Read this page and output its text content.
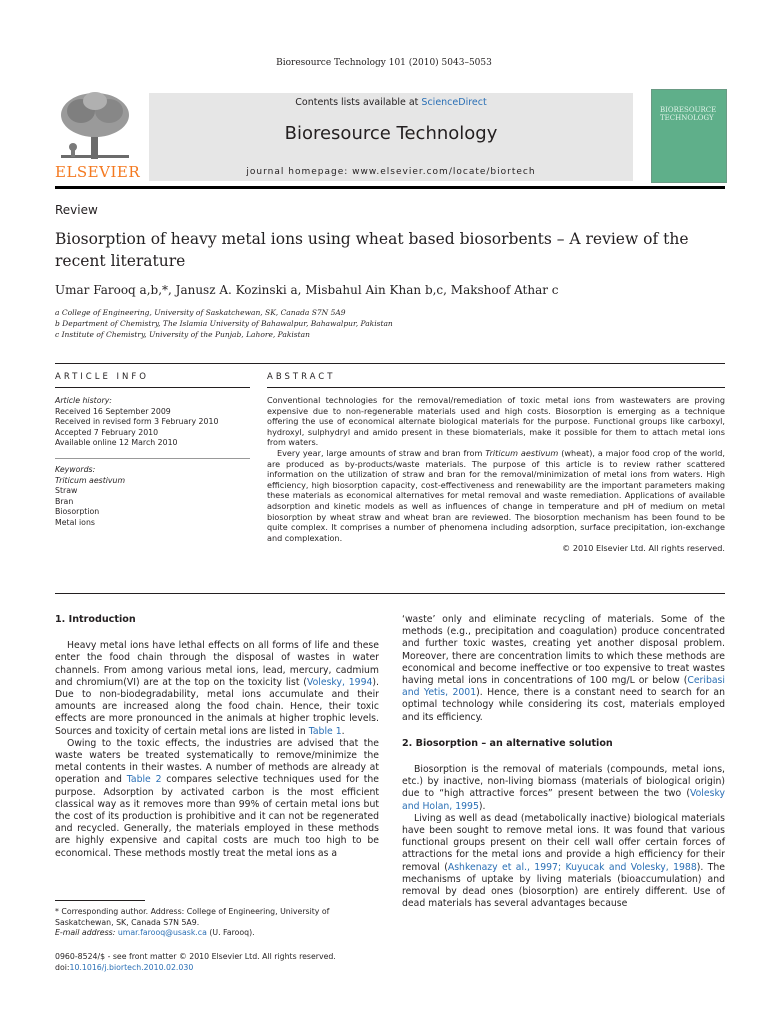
Bioresource Technology 101 (2010) 5043–5053
ELSEVIER
Contents lists available at ScienceDirect
Bioresource Technology
journal homepage: www.elsevier.com/locate/biortech
BIORESOURCE TECHNOLOGY
Review
Biosorption of heavy metal ions using wheat based biosorbents – A review of the recent literature
Umar Farooq a,b,*, Janusz A. Kozinski a, Misbahul Ain Khan b,c, Makshoof Athar c
a College of Engineering, University of Saskatchewan, SK, Canada S7N 5A9
b Department of Chemistry, The Islamia University of Bahawalpur, Bahawalpur, Pakistan
c Institute of Chemistry, University of the Punjab, Lahore, Pakistan
ARTICLE INFO	ABSTRACT
Article history:
Received 16 September 2009
Received in revised form 3 February 2010
Accepted 7 February 2010
Available online 12 March 2010
Keywords:
Triticum aestivum
Straw
Bran
Biosorption
Metal ions

Conventional technologies for the removal/remediation of toxic metal ions from wastewaters are proving expensive due to non-regenerable materials used and high costs. Biosorption is emerging as a technique offering the use of economical alternate biological materials for the purpose. Functional groups like carboxyl, hydroxyl, sulphydryl and amido present in these biomaterials, make it possible for them to attach metal ions from waters.

Every year, large amounts of straw and bran from Triticum aestivum (wheat), a major food crop of the world, are produced as by-products/waste materials. The purpose of this article is to review rather scattered information on the utilization of straw and bran for the removal/minimization of metal ions from waters. High efficiency, high biosorption capacity, cost-effectiveness and renewability are the important parameters making these materials as economical alternatives for metal removal and waste remediation. Applications of available adsorption and kinetic models as well as influences of change in temperature and pH of medium on metal biosorption by wheat straw and wheat bran are reviewed. The biosorption mechanism has been found to be quite complex. It comprises a number of phenomena including adsorption, surface precipitation, ion-exchange and complexation.

© 2010 Elsevier Ltd. All rights reserved.

1. Introduction

Heavy metal ions have lethal effects on all forms of life and these enter the food chain through the disposal of wastes in water channels. From among various metal ions, lead, mercury, cadmium and chromium(VI) are at the top on the toxicity list (Volesky, 1994). Due to non-biodegradability, metal ions accumulate and their amounts are increased along the food chain. Hence, their toxic effects are more pronounced in the animals at higher trophic levels. Sources and toxicity of certain metal ions are listed in Table 1.

Owing to the toxic effects, the industries are advised that the waste waters be treated systematically to remove/minimize the metal contents in their wastes. A number of methods are already at operation and Table 2 compares selective techniques used for the purpose. Adsorption by activated carbon is the most efficient classical way as it removes more than 99% of certain metal ions but the cost of its production is prohibitive and it can not be regenerated and recycled. Generally, the materials employed in these methods are highly expensive and capital costs are much too high to be economical. These methods mostly treat the metal ions as a

‘waste’ only and eliminate recycling of materials. Some of the methods (e.g., precipitation and coagulation) produce concentrated and further toxic wastes, creating yet another disposal problem. Moreover, there are concentration limits to which these methods are economical and become ineffective or too expensive to treat wastes having metal ions in concentrations of 100 mg/L or below (Ceribasi and Yetis, 2001). Hence, there is a constant need to search for an optimal technology while considering its cost, materials employed and its efficiency.

2. Biosorption – an alternative solution

Biosorption is the removal of materials (compounds, metal ions, etc.) by inactive, non-living biomass (materials of biological origin) due to “high attractive forces” present between the two (Volesky and Holan, 1995).

Living as well as dead (metabolically inactive) biological materials have been sought to remove metal ions. It was found that various functional groups present on their cell wall offer certain forces of attractions for the metal ions and provide a high efficiency for their removal (Ashkenazy et al., 1997; Kuyucak and Volesky, 1988). The mechanisms of uptake by living materials (bioaccumulation) and removal by dead ones (biosorption) are entirely different. Use of dead materials has several advantages because

* Corresponding author. Address: College of Engineering, University of Saskatchewan, SK, Canada S7N 5A9.
E-mail address: umar.farooq@usask.ca (U. Farooq).
0960-8524/$ - see front matter © 2010 Elsevier Ltd. All rights reserved.
doi:10.1016/j.biortech.2010.02.030
